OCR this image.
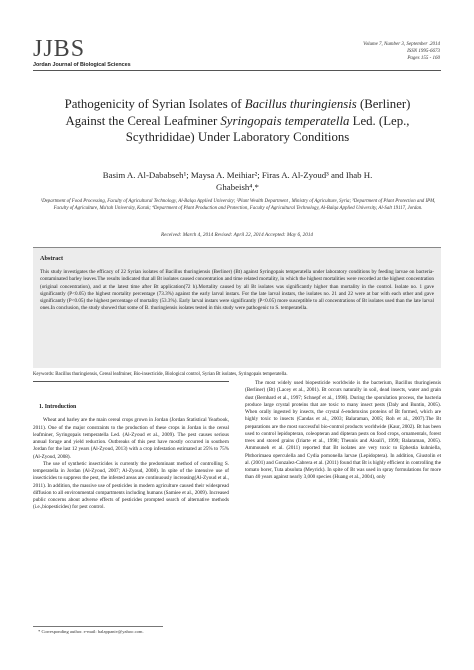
JJBS
Jordan Journal of Biological Sciences
Volume 7, Number 3, September .2014
ISSN 1995-6673
Pages 155 - 160
Pathogenicity of Syrian Isolates of Bacillus thuringiensis (Berliner) Against the Cereal Leafminer Syringopais temperatella Led. (Lep., Scythrididae) Under Laboratory Conditions
Basim A. Al-Dababseh¹; Maysa A. Meihiar²; Firas A. Al-Zyoud³ and Ihab H.
Ghabeish⁴,*
¹Department of Food Processing, Faculty of Agricultural Technology, Al-Balqa Applied University; ²Plant Wealth Department , Ministry of Agriculture, Syria; ³Department of Plant Protection and IPM, Faculty of Agriculture, Mu'tah University, Karak; ⁴Department of Plant Production and Protection, Faculty of Agricultural Technology, Al-Balqa Applied University, Al-Salt 19117, Jordan.
Received: March 4, 2014 Revised: April 22, 2014 Accepted: May 6, 2014
Abstract
This study investigates the efficacy of 22 Syrian isolates of Bacillus thuringiensis (Berliner) (Bt) against Syringopais temperatella under laboratory conditions by feeding larvae on bacteria-contaminated barley leaves.The results indicated that all Bt isolates caused concentration and time related mortality, in which the highest mortalities were recorded at the highest concentration (original concentration), and at the latest time after Bt application(72 h).Mortality caused by all Bt isolates was significantly higher than mortality in the control. Isolate no. 1 gave significantly (P<0.05) the highest mortality percentage (73.3%) against the early larval instars. For the late larval instars, the isolates no. 21 and 22 were at bar with each other and gave significantly (P<0.05) the highest percentage of mortality (53.3%). Early larval instars were significantly (P<0.05) more susceptible to all concentrations of Bt isolates used than the late larval ones.In conclusion, the study showed that some of B. thuringiensis isolates tested in this study were pathogenic to S. temperatella.
Keywords: Bacillus thuringiensis, Cereal leafminer, Bio-insecticide, Biological control, Syrian Bt isolates, Syringopais temperatella.
1. Introduction
Wheat and barley are the main cereal crops grown in Jordan (Jordan Statistical Yearbook, 2011). One of the major constraints to the production of these crops in Jordan is the cereal leafminer, Syringopais temperatella Led. (Al-Zyoud et al., 2009). The pest causes serious annual forage and yield reduction. Outbreaks of this pest have mostly occurred in southern Jordan for the last 12 years (Al-Zyoud, 2013) with a crop infestation estimated at 25% to 75% (Al-Zyoud, 2008).
The use of synthetic insecticides is currently the predominant method of controlling S. temperatella in Jordan (Al-Zyoud, 2007; Al-Zyoud, 2008). In spite of the intensive use of insecticides to suppress the pest, the infested areas are continuously increasing(Al-Zyoud et al., 2011). In addition, the massive use of pesticides in modern agriculture caused their widespread diffusion to all environmental compartments including humans (Samiee et al., 2009). Increased public concerns about adverse effects of pesticides prompted search of alternative methods (i.e.,biopesticides) for pest control.
The most widely used biopesticide worldwide is the bacterium, Bacillus thuringiensis (Berliner) (Bt) (Lacey et al., 2001). Bt occurs naturally in soil, dead insects, water and grain dust (Bernhard et al., 1997; Schnepf et al., 1998). During the sporulation process, the bacteria produce large crystal proteins that are toxic to many insect pests (Daly and Buntin, 2005). When orally ingested by insects, the crystal δ-endotoxins proteins of Bt formed, which are highly toxic to insects (Candas et al., 2003; Balaraman, 2005; Roh et al., 2007).The Bt preparations are the most successful bio-control products worldwide (Kaur, 2002). Bt has been used to control lepidopteran, coleopteran and dipteran pests on food crops, ornamentals, forest trees and stored grains (Iriarte et al., 1998; Theunis and Aloali'i, 1999; Balaraman, 2005). Ammouneh et al. (2011) reported that Bt isolates are very toxic to Ephestia kuhniella, Phthorimaea operculella and Cydia pomonella larvae (Lepidoptera). In addition, Giustolin et al. (2001) and Gonzalez-Cabrera et al. (2011) found that Bt is highly efficient in controlling the tomato borer, Tuta absoluta (Meyrick). In spite of Bt was used in spray formulations for more than 40 years against nearly 3,000 species (Huang et al., 2004), only
* Corresponding author. e-mail: balappaniv@yahoo.com.
